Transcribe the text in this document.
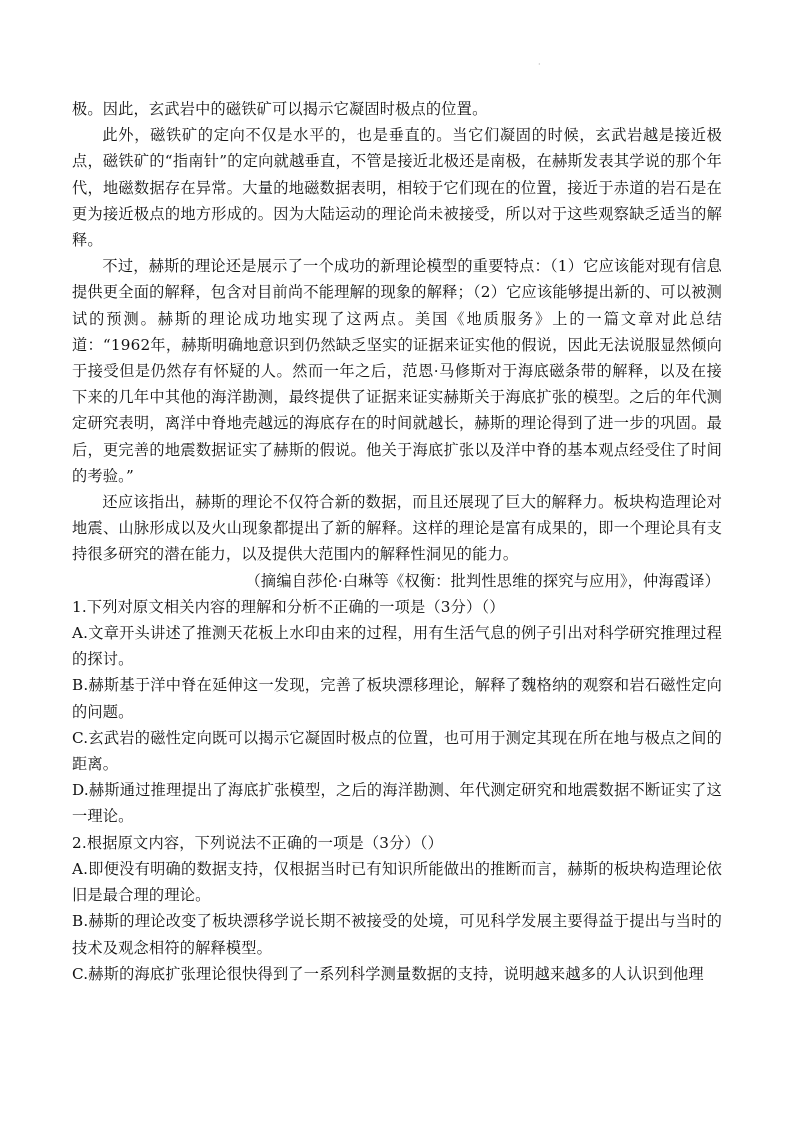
·

极。因此，玄武岩中的磁铁矿可以揭示它凝固时极点的位置。

此外，磁铁矿的定向不仅是水平的，也是垂直的。当它们凝固的时候，玄武岩越是接近极点，磁铁矿的“指南针”的定向就越垂直，不管是接近北极还是南极，在赫斯发表其学说的那个年代，地磁数据存在异常。大量的地磁数据表明，相较于它们现在的位置，接近于赤道的岩石是在更为接近极点的地方形成的。因为大陆运动的理论尚未被接受，所以对于这些观察缺乏适当的解释。

不过，赫斯的理论还是展示了一个成功的新理论模型的重要特点：（1）它应该能对现有信息提供更全面的解释，包含对目前尚不能理解的现象的解释；（2）它应该能够提出新的、可以被测试的预测。赫斯的理论成功地实现了这两点。美国《地质服务》上的一篇文章对此总结道：“1962年，赫斯明确地意识到仍然缺乏坚实的证据来证实他的假说，因此无法说服显然倾向于接受但是仍然存有怀疑的人。然而一年之后，范恩·马修斯对于海底磁条带的解释，以及在接下来的几年中其他的海洋勘测，最终提供了证据来证实赫斯关于海底扩张的模型。之后的年代测定研究表明，离洋中脊地壳越远的海底存在的时间就越长，赫斯的理论得到了进一步的巩固。最后，更完善的地震数据证实了赫斯的假说。他关于海底扩张以及洋中脊的基本观点经受住了时间的考验。”

还应该指出，赫斯的理论不仅符合新的数据，而且还展现了巨大的解释力。板块构造理论对地震、山脉形成以及火山现象都提出了新的解释。这样的理论是富有成果的，即一个理论具有支持很多研究的潜在能力，以及提供大范围内的解释性洞见的能力。

（摘编自莎伦·白琳等《权衡：批判性思维的探究与应用》，仲海霞译）

1.下列对原文相关内容的理解和分析不正确的一项是（3分）（）

A.文章开头讲述了推测天花板上水印由来的过程，用有生活气息的例子引出对科学研究推理过程的探讨。

B.赫斯基于洋中脊在延伸这一发现，完善了板块漂移理论，解释了魏格纳的观察和岩石磁性定向的问题。

C.玄武岩的磁性定向既可以揭示它凝固时极点的位置，也可用于测定其现在所在地与极点之间的距离。

D.赫斯通过推理提出了海底扩张模型，之后的海洋勘测、年代测定研究和地震数据不断证实了这一理论。

2.根据原文内容，下列说法不正确的一项是（3分）（）

A.即便没有明确的数据支持，仅根据当时已有知识所能做出的推断而言，赫斯的板块构造理论依旧是最合理的理论。

B.赫斯的理论改变了板块漂移学说长期不被接受的处境，可见科学发展主要得益于提出与当时的技术及观念相符的解释模型。

C.赫斯的海底扩张理论很快得到了一系列科学测量数据的支持，说明越来越多的人认识到他理
